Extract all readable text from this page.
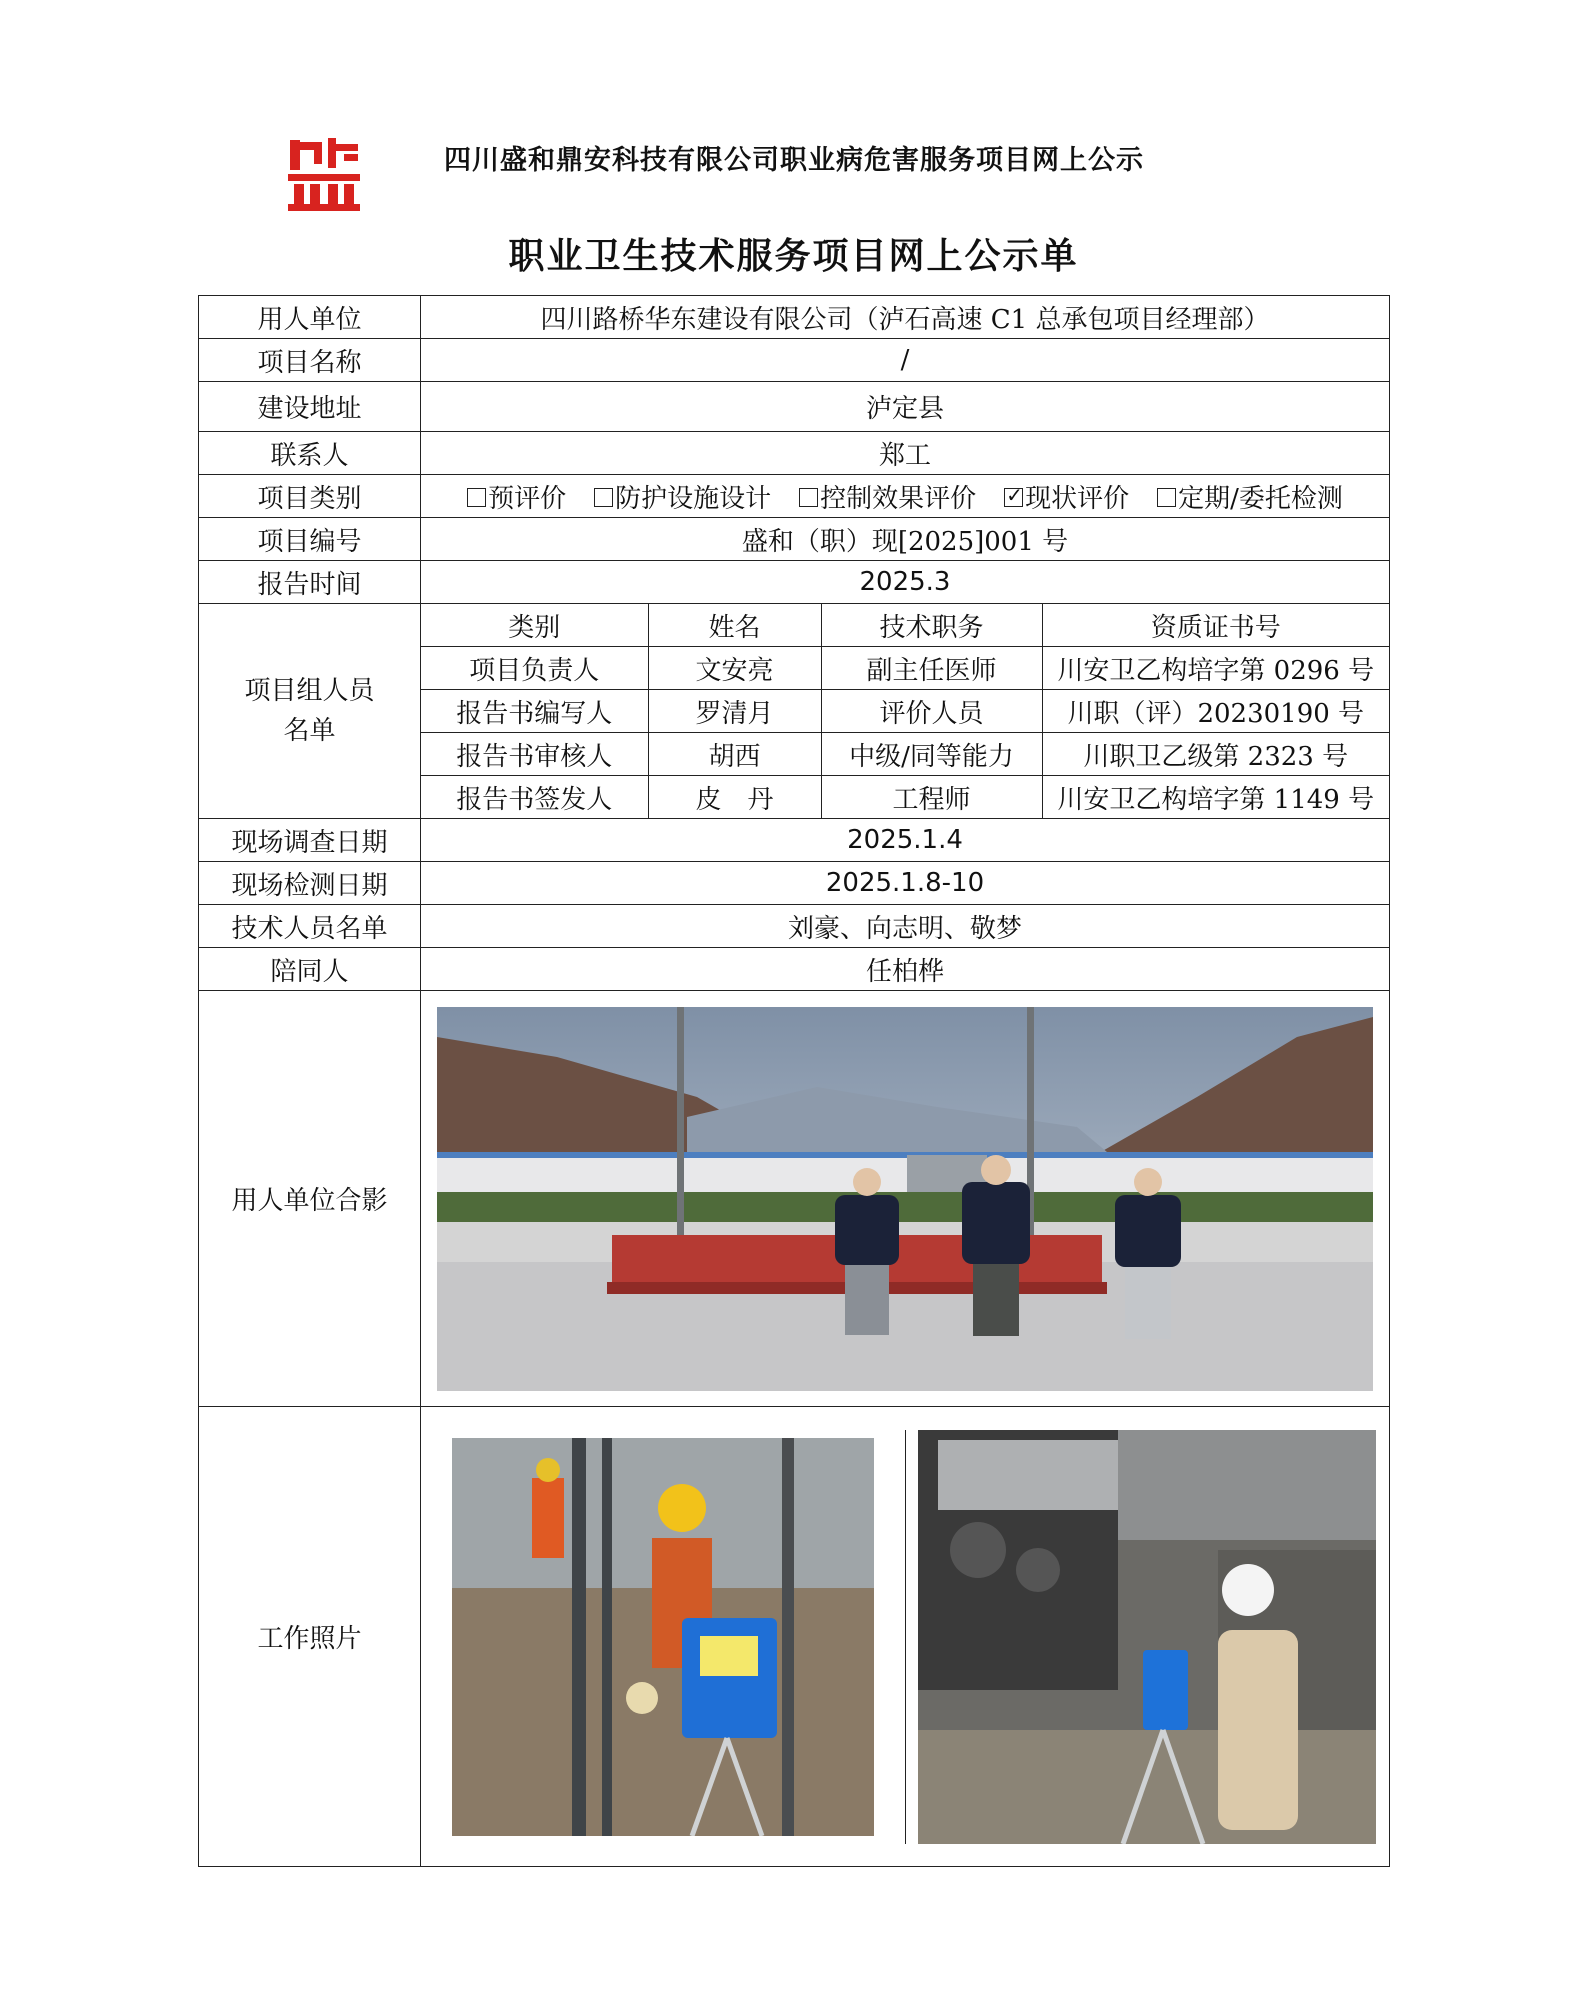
四川盛和鼎安科技有限公司职业病危害服务项目网上公示
职业卫生技术服务项目网上公示单
用人单位	四川路桥华东建设有限公司（泸石高速 C1 总承包项目经理部）
项目名称	/
建设地址	泸定县
联系人	郑工
项目类别	预评价 防护设施设计 控制效果评价✓ 现状评价 定期/委托检测
项目编号	盛和（职）现[2025]001 号
报告时间	2025.3

项目组人员名单

类别	姓名	技术职务	资质证书号
项目负责人	文安亮	副主任医师	川安卫乙构培字第 0296 号
报告书编写人	罗清月	评价人员	川职（评）20230190 号
报告书审核人	胡西	中级/同等能力	川职卫乙级第 2323 号
报告书签发人	皮　丹	工程师	川安卫乙构培字第 1149 号

现场调查日期	2025.1.4
现场检测日期	2025.1.8-10
技术人员名单	刘豪、向志明、敬梦
陪同人	任柏桦
用人单位合影	

工作照片	
